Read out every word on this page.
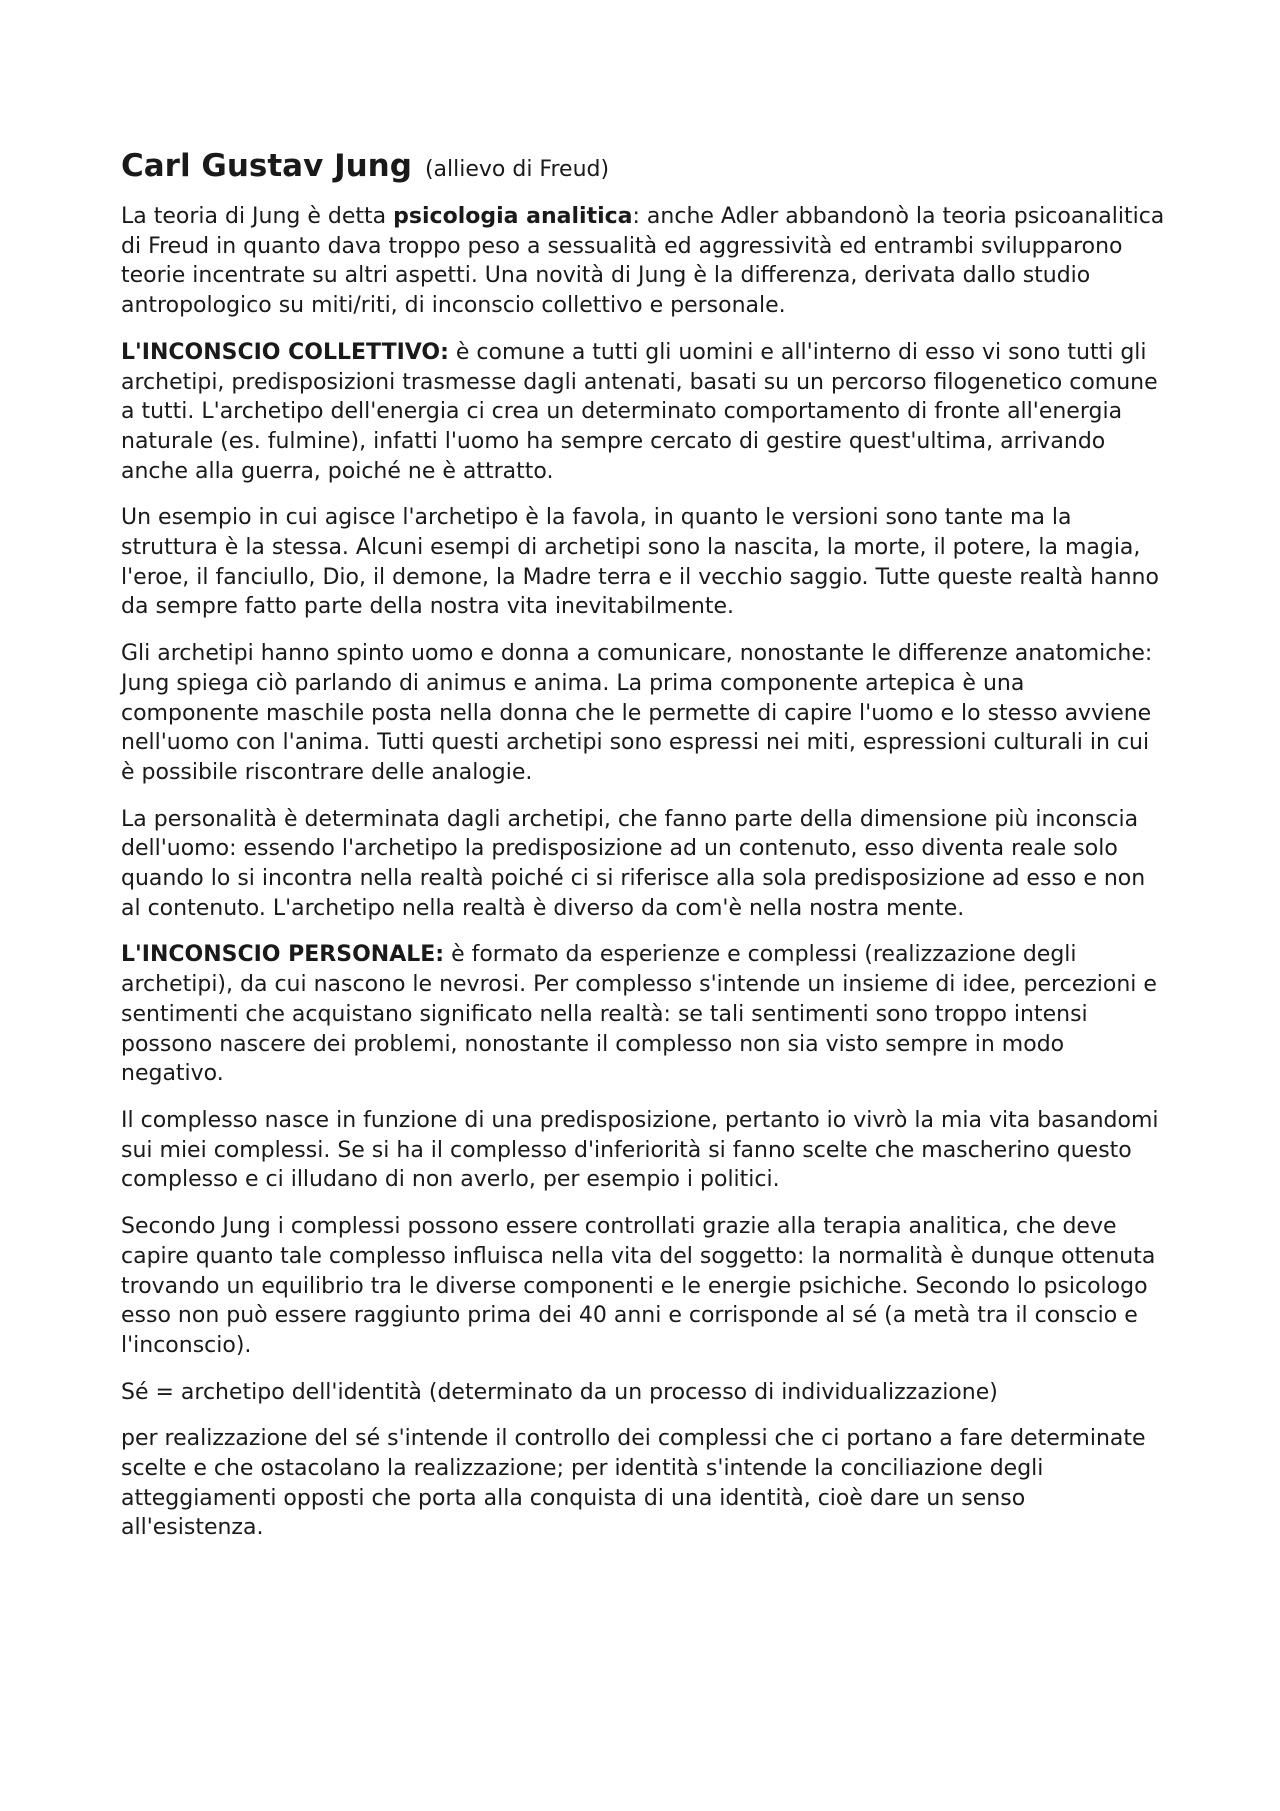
Carl Gustav Jung (allievo di Freud)

La teoria di Jung è detta psicologia analitica: anche Adler abbandonò la teoria psicoanalitica di Freud in quanto dava troppo peso a sessualità ed aggressività ed entrambi svilupparono teorie incentrate su altri aspetti. Una novità di Jung è la differenza, derivata dallo studio antropologico su miti/riti, di inconscio collettivo e personale.

L'INCONSCIO COLLETTIVO: è comune a tutti gli uomini e all'interno di esso vi sono tutti gli archetipi, predisposizioni trasmesse dagli antenati, basati su un percorso filogenetico comune a tutti. L'archetipo dell'energia ci crea un determinato comportamento di fronte all'energia naturale (es. fulmine), infatti l'uomo ha sempre cercato di gestire quest'ultima, arrivando anche alla guerra, poiché ne è attratto.

Un esempio in cui agisce l'archetipo è la favola, in quanto le versioni sono tante ma la struttura è la stessa. Alcuni esempi di archetipi sono la nascita, la morte, il potere, la magia, l'eroe, il fanciullo, Dio, il demone, la Madre terra e il vecchio saggio. Tutte queste realtà hanno da sempre fatto parte della nostra vita inevitabilmente.

Gli archetipi hanno spinto uomo e donna a comunicare, nonostante le differenze anatomiche: Jung spiega ciò parlando di animus e anima. La prima componente artepica è una componente maschile posta nella donna che le permette di capire l'uomo e lo stesso avviene nell'uomo con l'anima. Tutti questi archetipi sono espressi nei miti, espressioni culturali in cui è possibile riscontrare delle analogie.

La personalità è determinata dagli archetipi, che fanno parte della dimensione più inconscia dell'uomo: essendo l'archetipo la predisposizione ad un contenuto, esso diventa reale solo quando lo si incontra nella realtà poiché ci si riferisce alla sola predisposizione ad esso e non al contenuto. L'archetipo nella realtà è diverso da com'è nella nostra mente.

L'INCONSCIO PERSONALE: è formato da esperienze e complessi (realizzazione degli archetipi), da cui nascono le nevrosi. Per complesso s'intende un insieme di idee, percezioni e sentimenti che acquistano significato nella realtà: se tali sentimenti sono troppo intensi possono nascere dei problemi, nonostante il complesso non sia visto sempre in modo negativo.

Il complesso nasce in funzione di una predisposizione, pertanto io vivrò la mia vita basandomi sui miei complessi. Se si ha il complesso d'inferiorità si fanno scelte che mascherino questo complesso e ci illudano di non averlo, per esempio i politici.

Secondo Jung i complessi possono essere controllati grazie alla terapia analitica, che deve capire quanto tale complesso influisca nella vita del soggetto: la normalità è dunque ottenuta trovando un equilibrio tra le diverse componenti e le energie psichiche. Secondo lo psicologo esso non può essere raggiunto prima dei 40 anni e corrisponde al sé (a metà tra il conscio e l'inconscio).

Sé = archetipo dell'identità (determinato da un processo di individualizzazione)

per realizzazione del sé s'intende il controllo dei complessi che ci portano a fare determinate scelte e che ostacolano la realizzazione; per identità s'intende la conciliazione degli atteggiamenti opposti che porta alla conquista di una identità, cioè dare un senso all'esistenza.
